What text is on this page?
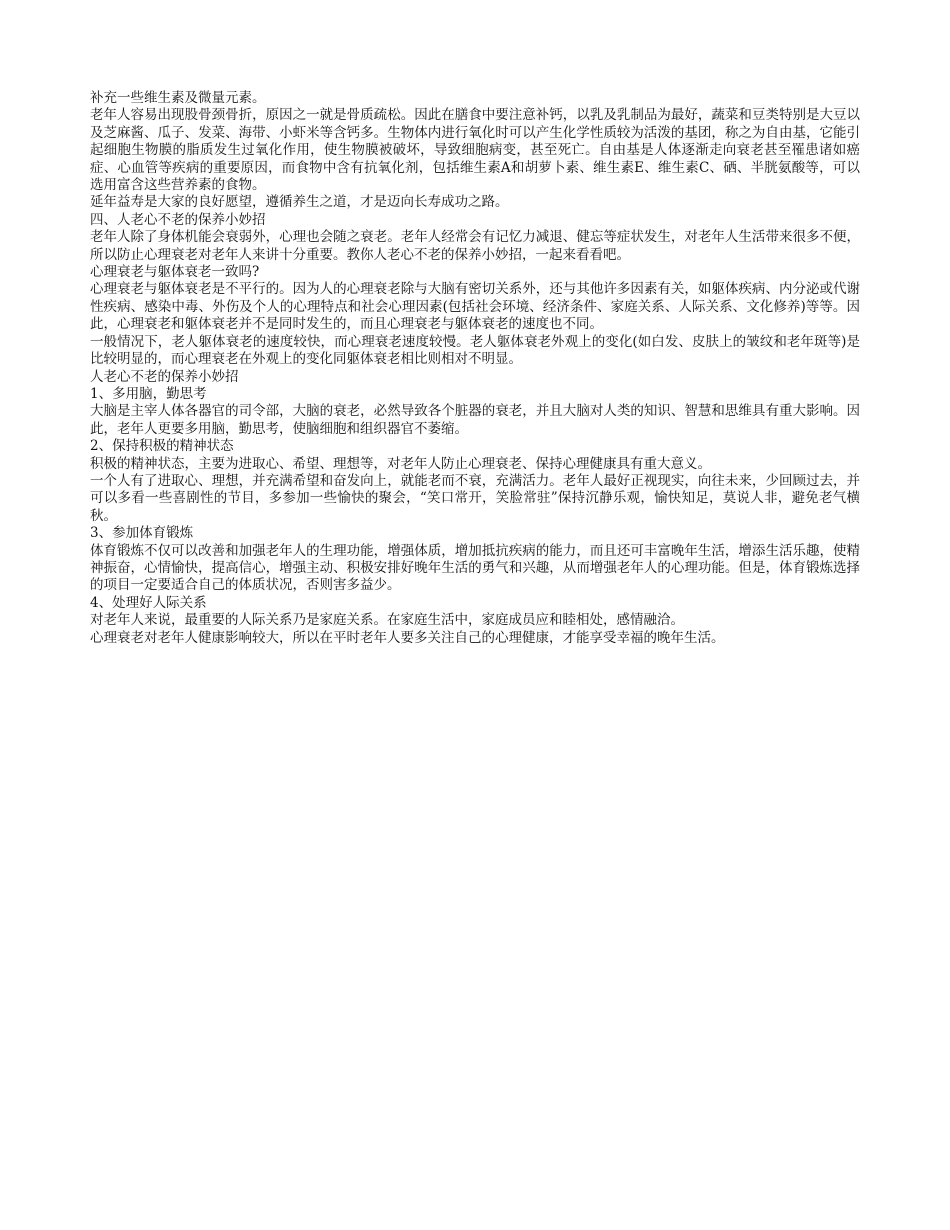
补充一些维生素及微量元素。

老年人容易出现股骨颈骨折，原因之一就是骨质疏松。因此在膳食中要注意补钙，以乳及乳制品为最好，蔬菜和豆类特别是大豆以及芝麻酱、瓜子、发菜、海带、小虾米等含钙多。生物体内进行氧化时可以产生化学性质较为活泼的基团，称之为自由基，它能引起细胞生物膜的脂质发生过氧化作用，使生物膜被破坏，导致细胞病变，甚至死亡。自由基是人体逐渐走向衰老甚至罹患诸如癌症、心血管等疾病的重要原因，而食物中含有抗氧化剂，包括维生素A和胡萝卜素、维生素E、维生素C、硒、半胱氨酸等，可以选用富含这些营养素的食物。

延年益寿是大家的良好愿望，遵循养生之道，才是迈向长寿成功之路。

四、人老心不老的保养小妙招

老年人除了身体机能会衰弱外，心理也会随之衰老。老年人经常会有记忆力减退、健忘等症状发生，对老年人生活带来很多不便，所以防止心理衰老对老年人来讲十分重要。教你人老心不老的保养小妙招，一起来看看吧。

心理衰老与躯体衰老一致吗?

心理衰老与躯体衰老是不平行的。因为人的心理衰老除与大脑有密切关系外，还与其他许多因素有关，如躯体疾病、内分泌或代谢性疾病、感染中毒、外伤及个人的心理特点和社会心理因素(包括社会环境、经济条件、家庭关系、人际关系、文化修养)等等。因此，心理衰老和躯体衰老并不是同时发生的，而且心理衰老与躯体衰老的速度也不同。

一般情况下，老人躯体衰老的速度较快，而心理衰老速度较慢。老人躯体衰老外观上的变化(如白发、皮肤上的皱纹和老年斑等)是比较明显的，而心理衰老在外观上的变化同躯体衰老相比则相对不明显。

人老心不老的保养小妙招

1、多用脑，勤思考

大脑是主宰人体各器官的司令部，大脑的衰老，必然导致各个脏器的衰老，并且大脑对人类的知识、智慧和思维具有重大影响。因此，老年人更要多用脑，勤思考，使脑细胞和组织器官不萎缩。

2、保持积极的精神状态

积极的精神状态，主要为进取心、希望、理想等，对老年人防止心理衰老、保持心理健康具有重大意义。

一个人有了进取心、理想，并充满希望和奋发向上，就能老而不衰，充满活力。老年人最好正视现实，向往未来，少回顾过去，并可以多看一些喜剧性的节目，多参加一些愉快的聚会，“笑口常开，笑脸常驻”保持沉静乐观，愉快知足，莫说人非，避免老气横秋。

3、参加体育锻炼

体育锻炼不仅可以改善和加强老年人的生理功能，增强体质，增加抵抗疾病的能力，而且还可丰富晚年生活，增添生活乐趣，使精神振奋，心情愉快，提高信心，增强主动、积极安排好晚年生活的勇气和兴趣，从而增强老年人的心理功能。但是，体育锻炼选择的项目一定要适合自己的体质状况，否则害多益少。

4、处理好人际关系

对老年人来说，最重要的人际关系乃是家庭关系。在家庭生活中，家庭成员应和睦相处，感情融洽。

心理衰老对老年人健康影响较大，所以在平时老年人要多关注自己的心理健康，才能享受幸福的晚年生活。
